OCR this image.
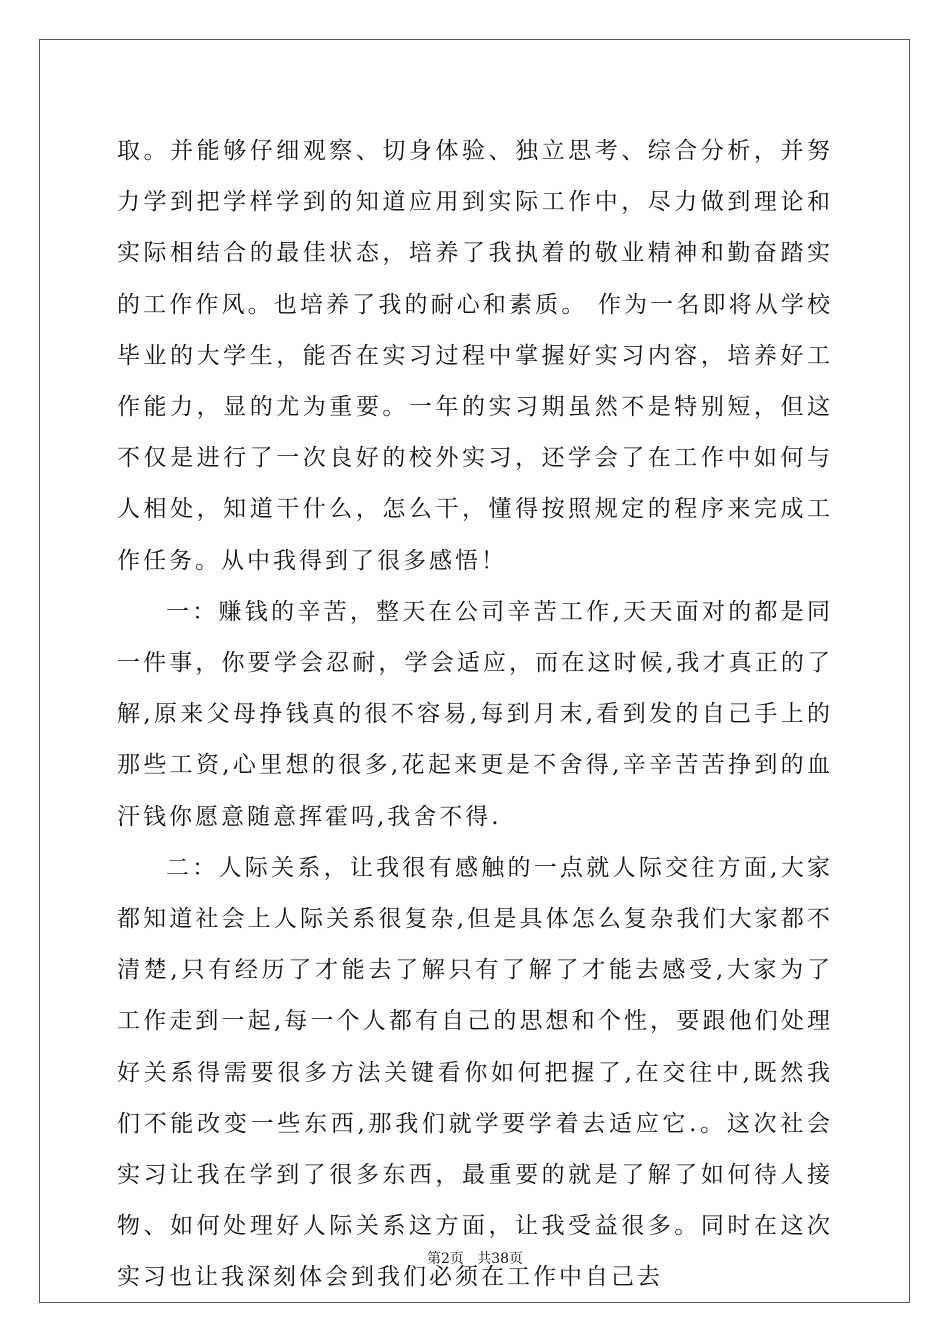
取。并能够仔细观察、切身体验、独立思考、综合分析，并努力学到把学样学到的知道应用到实际工作中，尽力做到理论和实际相结合的最佳状态，培养了我执着的敬业精神和勤奋踏实的工作作风。也培养了我的耐心和素质。 作为一名即将从学校毕业的大学生，能否在实习过程中掌握好实习内容，培养好工作能力，显的尤为重要。一年的实习期虽然不是特别短，但这不仅是进行了一次良好的校外实习，还学会了在工作中如何与人相处，知道干什么，怎么干，懂得按照规定的程序来完成工作任务。从中我得到了很多感悟！

一：赚钱的辛苦，整天在公司辛苦工作,天天面对的都是同一件事，你要学会忍耐，学会适应，而在这时候,我才真正的了解,原来父母挣钱真的很不容易,每到月末,看到发的自己手上的那些工资,心里想的很多,花起来更是不舍得,辛辛苦苦挣到的血汗钱你愿意随意挥霍吗,我舍不得.

二：人际关系，让我很有感触的一点就人际交往方面,大家都知道社会上人际关系很复杂,但是具体怎么复杂我们大家都不清楚,只有经历了才能去了解只有了解了才能去感受,大家为了工作走到一起,每一个人都有自己的思想和个性，要跟他们处理好关系得需要很多方法关键看你如何把握了,在交往中,既然我们不能改变一些东西,那我们就学要学着去适应它.。这次社会实习让我在学到了很多东西，最重要的就是了解了如何待人接物、如何处理好人际关系这方面，让我受益很多。同时在这次实习也让我深刻体会到我们必须在工作中自己去

第2页   共38页
